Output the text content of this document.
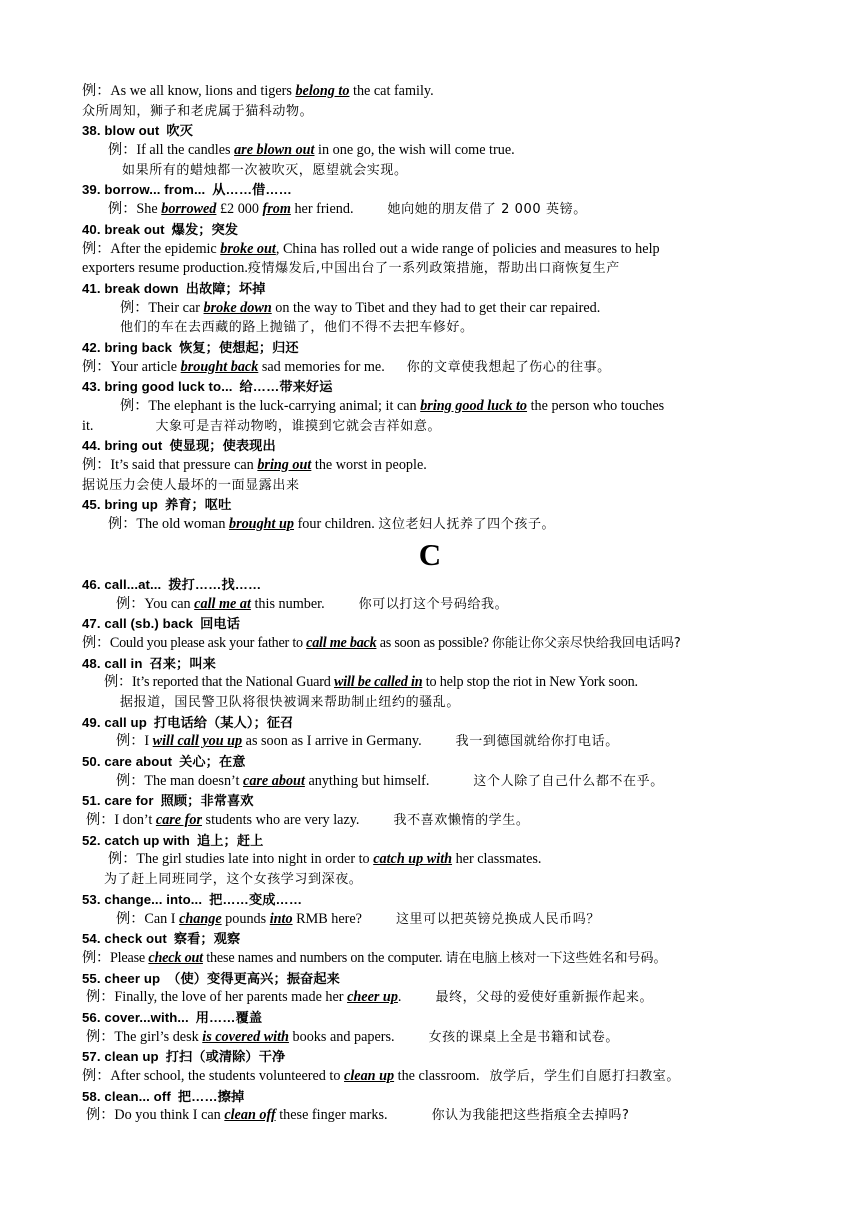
例：As we all know, lions and tigers belong to the cat family.
众所周知，狮子和老虎属于猫科动物。
38. blow out 吹灭
例：If all the candles are blown out in one go, the wish will come true.
如果所有的蜡烛都一次被吹灭，愿望就会实现。
39. borrow... from... 从……借……
例：She borrowed £2 000 from her friend.	她向她的朋友借了 2 000 英镑。
40. break out 爆发；突发
例：After the epidemic broke out, China has rolled out a wide range of policies and measures to help
exporters resume production.疫情爆发后,中国出台了一系列政策措施，帮助出口商恢复生产
41. break down 出故障；坏掉
例：Their car broke down on the way to Tibet and they had to get their car repaired.
他们的车在去西藏的路上抛锚了，他们不得不去把车修好。
42. bring back 恢复；使想起；归还
例：Your article brought back sad memories for me. 你的文章使我想起了伤心的往事。
43. bring good luck to... 给……带来好运
例：The elephant is the luck-carrying animal; it can bring good luck to the person who touches
it.	大象可是吉祥动物哟，谁摸到它就会吉祥如意。
44. bring out 使显现；使表现出
例：It’s said that pressure can bring out the worst in people.
据说压力会使人最坏的一面显露出来
45. bring up 养育；呕吐
例：The old woman brought up four children. 这位老妇人抚养了四个孩子。
C
46. call...at... 拨打……找……
例：You can call me at this number.	你可以打这个号码给我。
47. call (sb.) back 回电话
例：Could you please ask your father to call me back as soon as possible? 你能让你父亲尽快给我回电话吗?
48. call in 召来；叫来
例：It’s reported that the National Guard will be called in to help stop the riot in New York soon.
据报道，国民警卫队将很快被调来帮助制止纽约的骚乱。
49. call up 打电话给（某人）；征召
例：I will call you up as soon as I arrive in Germany.	我一到德国就给你打电话。
50. care about 关心；在意
例：The man doesn’t care about anything but himself.	这个人除了自己什么都不在乎。
51. care for 照顾；非常喜欢
例：I don’t care for students who are very lazy.	我不喜欢懒惰的学生。
52. catch up with 追上；赶上
例：The girl studies late into night in order to catch up with her classmates.
为了赶上同班同学，这个女孩学习到深夜。
53. change... into... 把……变成……
例：Can I change pounds into RMB here?	这里可以把英镑兑换成人民币吗？
54. check out 察看；观察
例：Please check out these names and numbers on the computer. 请在电脑上核对一下这些姓名和号码。
55. cheer up （使）变得更高兴；振奋起来
例：Finally, the love of her parents made her cheer up.	最终，父母的爱使好重新振作起来。
56. cover...with... 用……覆盖
例：The girl’s desk is covered with books and papers.	女孩的课桌上全是书籍和试卷。
57. clean up 打扫（或清除）干净
例：After school, the students volunteered to clean up the classroom. 放学后，学生们自愿打扫教室。
58. clean... off 把……擦掉
例：Do you think I can clean off these finger marks.	你认为我能把这些指痕全去掉吗?
